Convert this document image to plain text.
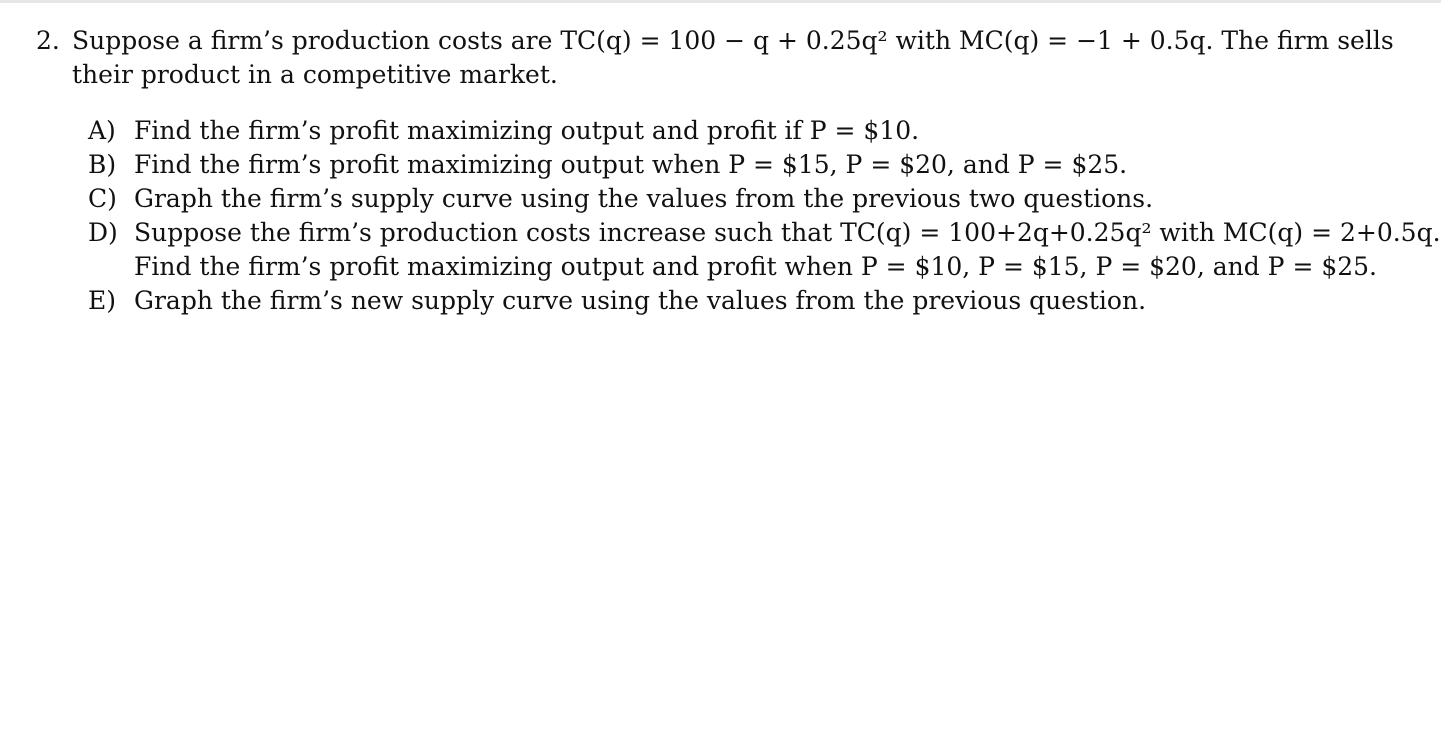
2. Suppose a firm’s production costs are TC(q) = 100 − q + 0.25q² with MC(q) = −1 + 0.5q. The firm sells
their product in a competitive market.
A) Find the firm’s profit maximizing output and profit if P = $10.
B) Find the firm’s profit maximizing output when P = $15, P = $20, and P = $25.
C) Graph the firm’s supply curve using the values from the previous two questions.
D) Suppose the firm’s production costs increase such that TC(q) = 100+2q+0.25q² with MC(q) = 2+0.5q.
Find the firm’s profit maximizing output and profit when P = $10, P = $15, P = $20, and P = $25.
E) Graph the firm’s new supply curve using the values from the previous question.
